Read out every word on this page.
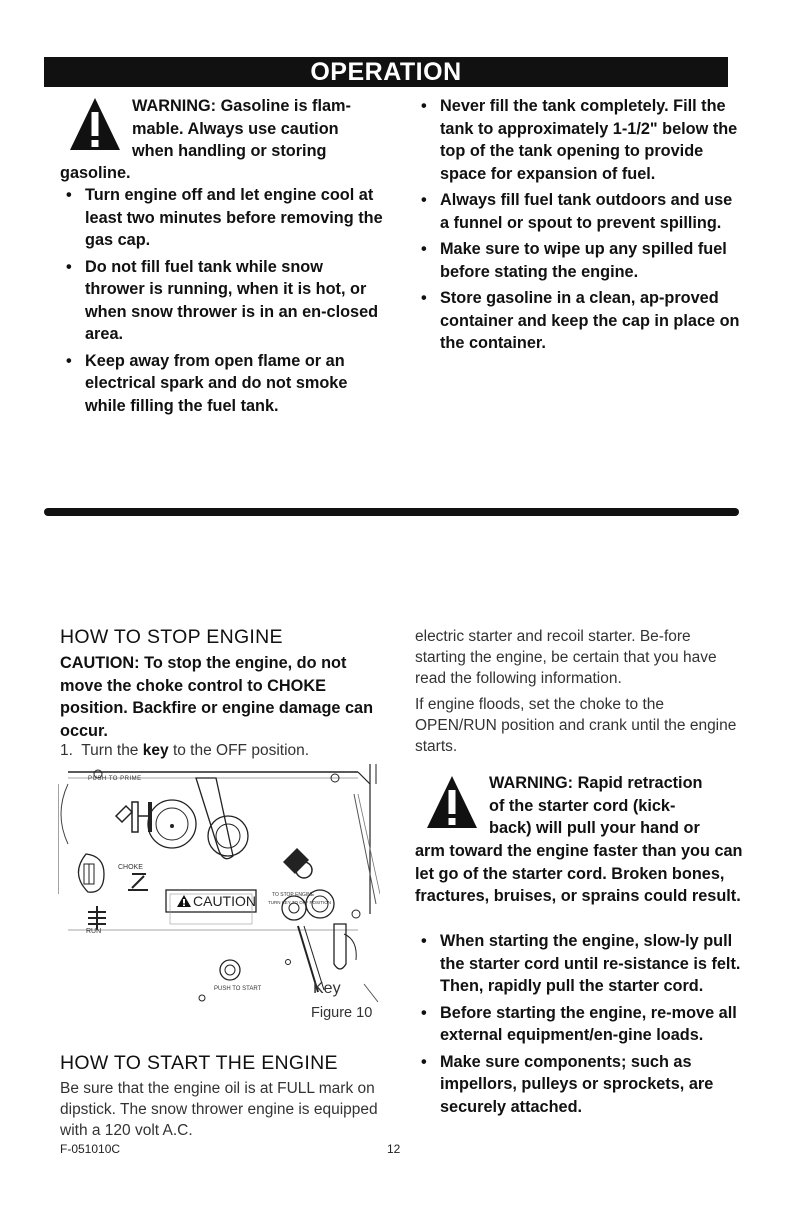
OPERATION
WARNING: Gasoline is flam-
mable. Always use caution
when handling or storing
gasoline.
• Turn engine off and let engine cool at least two minutes before removing the gas cap.
• Do not fill fuel tank while snow thrower is running, when it is hot, or when snow thrower is in an en-closed area.
• Keep away from open flame or an electrical spark and do not smoke while filling the fuel tank.
• Never fill the tank completely. Fill the tank to approximately 1-1/2" below the top of the tank opening to provide space for expansion of fuel.
• Always fill fuel tank outdoors and use a funnel or spout to prevent spilling.
• Make sure to wipe up any spilled fuel before stating the engine.
• Store gasoline in a clean, ap-proved container and keep the cap in place on the container.
HOW TO STOP ENGINE
CAUTION: To stop the engine, do not move the choke control to CHOKE position. Backfire or engine damage can occur.
1. Turn the key to the OFF position.
PUSH TO PRIME
CHOKE
RUN
CAUTION	TO STOP ENGINE
TURN KEY TO OFF POSITION
PUSH TO START	Key
Figure 10
HOW TO START THE ENGINE
Be sure that the engine oil is at FULL mark on dipstick. The snow thrower engine is equipped with a 120 volt A.C.
electric starter and recoil starter. Be-fore starting the engine, be certain that you have read the following information.
If engine floods, set the choke to the OPEN/RUN position and crank until the engine starts.
WARNING: Rapid retraction
of the starter cord (kick-
back) will pull your hand or
arm toward the engine faster than you can let go of the starter cord. Broken bones, fractures, bruises, or sprains could result.
• When starting the engine, slow-ly pull the starter cord until re-sistance is felt. Then, rapidly pull the starter cord.
• Before starting the engine, re-move all external equipment/en-gine loads.
• Make sure components; such as impellors, pulleys or sprockets, are securely attached.
F-051010C	12
